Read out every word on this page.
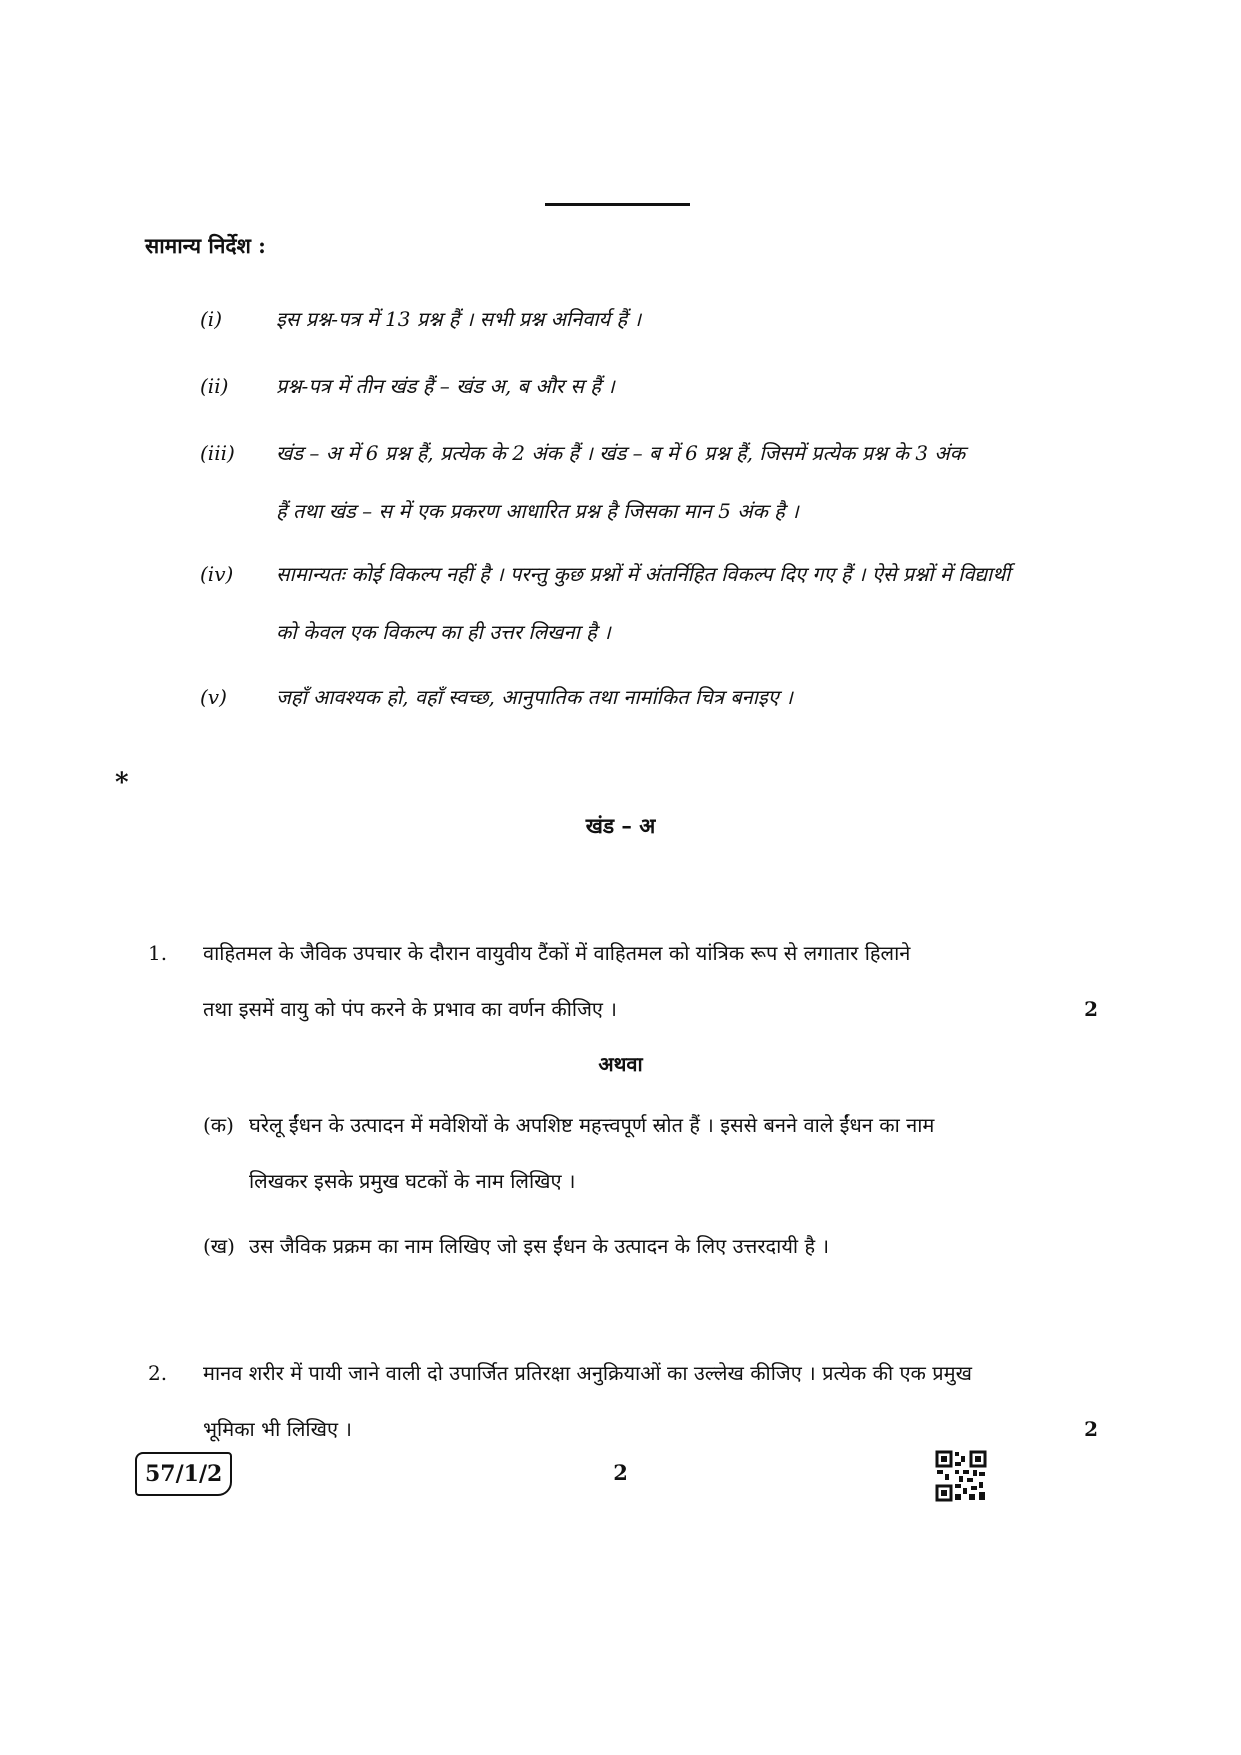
सामान्य निर्देश :
(i)	इस प्रश्न-पत्र में 13 प्रश्न हैं । सभी प्रश्न अनिवार्य हैं ।
(ii)	प्रश्न-पत्र में तीन खंड हैं – खंड अ, ब और स हैं ।
(iii)	खंड – अ में 6 प्रश्न हैं, प्रत्येक के 2 अंक हैं । खंड – ब में 6 प्रश्न हैं, जिसमें प्रत्येक प्रश्न के 3 अंक
हैं तथा खंड – स में एक प्रकरण आधारित प्रश्न है जिसका मान 5 अंक है ।
(iv)	सामान्यतः कोई विकल्प नहीं है । परन्तु कुछ प्रश्नों में अंतर्निहित विकल्प दिए गए हैं । ऐसे प्रश्नों में विद्यार्थी
को केवल एक विकल्प का ही उत्तर लिखना है ।
(v)	जहाँ आवश्यक हो, वहाँ स्वच्छ, आनुपातिक तथा नामांकित चित्र बनाइए ।
*
खंड – अ
1. वाहितमल के जैविक उपचार के दौरान वायुवीय टैंकों में वाहितमल को यांत्रिक रूप से लगातार हिलाने
तथा इसमें वायु को पंप करने के प्रभाव का वर्णन कीजिए ।	2
अथवा
(क) घरेलू ईंधन के उत्पादन में मवेशियों के अपशिष्ट महत्त्वपूर्ण स्रोत हैं । इससे बनने वाले ईंधन का नाम
लिखकर इसके प्रमुख घटकों के नाम लिखिए ।
(ख) उस जैविक प्रक्रम का नाम लिखिए जो इस ईंधन के उत्पादन के लिए उत्तरदायी है ।
2. मानव शरीर में पायी जाने वाली दो उपार्जित प्रतिरक्षा अनुक्रियाओं का उल्लेख कीजिए । प्रत्येक की एक प्रमुख
भूमिका भी लिखिए ।	2
57/1/2	2
